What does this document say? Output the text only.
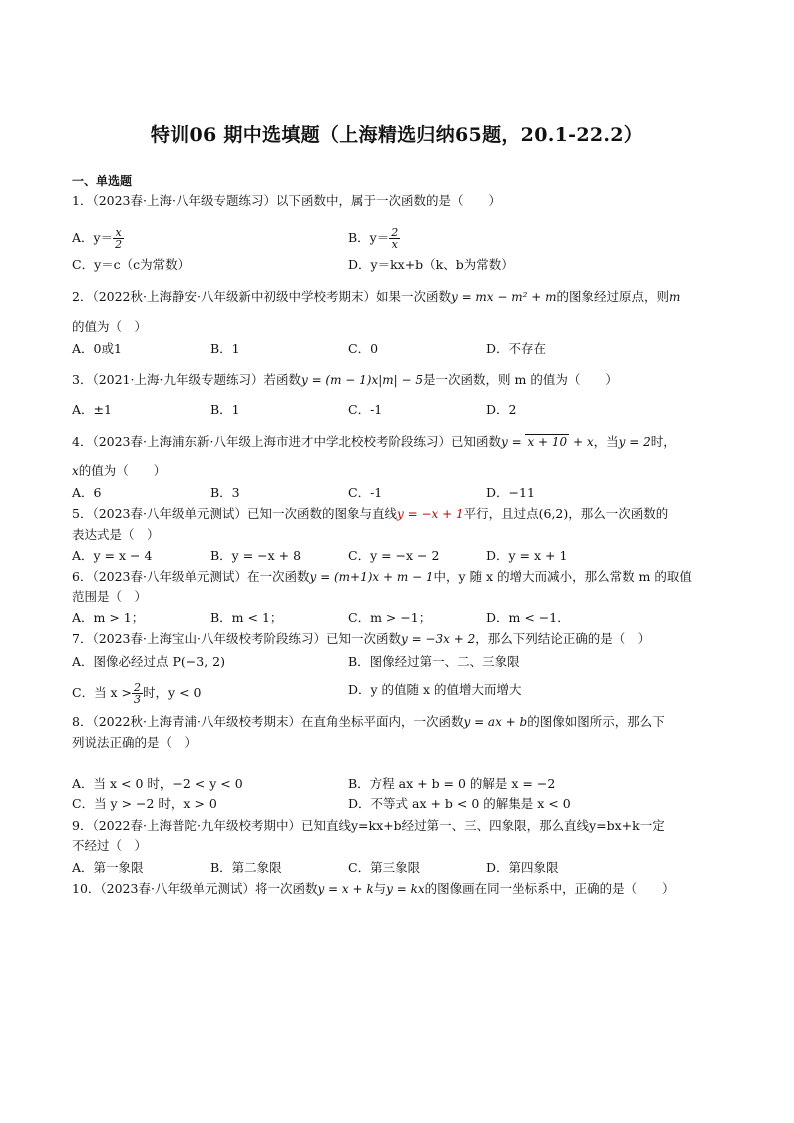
特训06 期中选填题（上海精选归纳65题，20.1-22.2）
一、单选题
1．（2023春·上海·八年级专题练习）以下函数中，属于一次函数的是（　　）
A．$y= \frac{x}{2}$	B．$y= \frac{2}{x}$
C．y＝c（c为常数）	D．y＝kx+b（k、b为常数）
2．（2022秋·上海静安·八年级新中初级中学校考期末）如果一次函数y = mx − m² + m的图象经过原点，则m
的值为（　）
A．0或1	B．1	C．0	D．不存在
3．（2021·上海·九年级专题练习）若函数y = (m − 1)x|m| − 5是一次函数，则 m 的值为（　　）
A．±1	B．1	C．-1	D．2
4．（2023春·上海浦东新·八年级上海市进才中学北校校考阶段练习）已知函数y = x + 10 + x，当y = 2时，
x的值为（　　）
A．6	B．3	C．-1	D．−11
5．（2023春·八年级单元测试）已知一次函数的图象与直线y = −x + 1平行，且过点(6,2)，那么一次函数的
表达式是（　）
A．y = x − 4	B．y = −x + 8	C．y = −x − 2	D．y = x + 1
6．（2023春·八年级单元测试）在一次函数y = (m+1)x + m − 1中，y 随 x 的增大而减小，那么常数 m 的取值
范围是（　）
A．m > 1；	B．m < 1；	C．m > −1；	D．m < −1．
7．（2023春·上海宝山·八年级校考阶段练习）已知一次函数y = −3x + 2，那么下列结论正确的是（　）
A．图像必经过点 P(−3, 2)	B．图像经过第一、二、三象限
C．当 $x > \frac{2}{3}$ 时，y < 0	D．y 的值随 x 的值增大而增大
8．（2022秋·上海青浦·八年级校考期末）在直角坐标平面内，一次函数y = ax + b的图像如图所示，那么下
列说法正确的是（　）
A．当 x < 0 时，−2 < y < 0	B．方程 ax + b = 0 的解是 x = −2
C．当 y > −2 时，x > 0	D．不等式 ax + b < 0 的解集是 x < 0
9．（2022春·上海普陀·九年级校考期中）已知直线y=kx+b经过第一、三、四象限，那么直线y=bx+k一定
不经过（　）
A．第一象限	B．第二象限	C．第三象限	D．第四象限
10．（2023春·八年级单元测试）将一次函数y = x + k与y = kx的图像画在同一坐标系中，正确的是（　　）
